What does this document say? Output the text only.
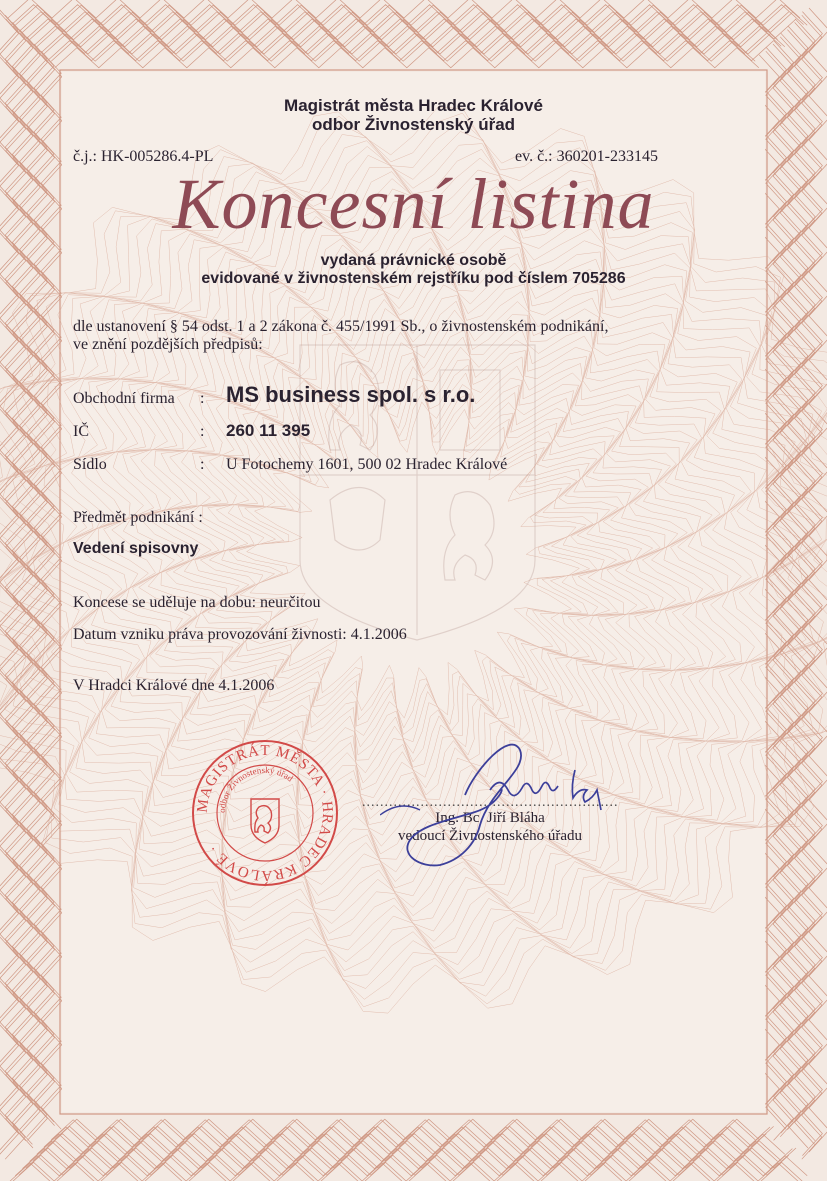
Magistrát města Hradec Králové
odbor Živnostenský úřad
č.j.: HK-005286.4-PL	ev. č.: 360201-233145
Koncesní listina
vydaná právnické osobě
evidované v živnostenském rejstříku pod číslem 705286
dle ustanovení § 54 odst. 1 a 2 zákona č. 455/1991 Sb., o živnostenském podnikání,
ve znění pozdějších předpisů:
Obchodní firma : MS business spol. s r.o.
IČ	: 260 11 395
Sídlo	: U Fotochemy 1601, 500 02 Hradec Králové
Předmět podnikání :
Vedení spisovny
Koncese se uděluje na dobu: neurčitou
Datum vzniku práva provozování živnosti: 4.1.2006
V Hradci Králové dne 4.1.2006
MAGISTRÁT MĚSTA · HRADEC KRÁLOVÉ ·
odbor Živnostenský úřad
.........................................................
Ing. Bc. Jiří Bláha
vedoucí Živnostenského úřadu
